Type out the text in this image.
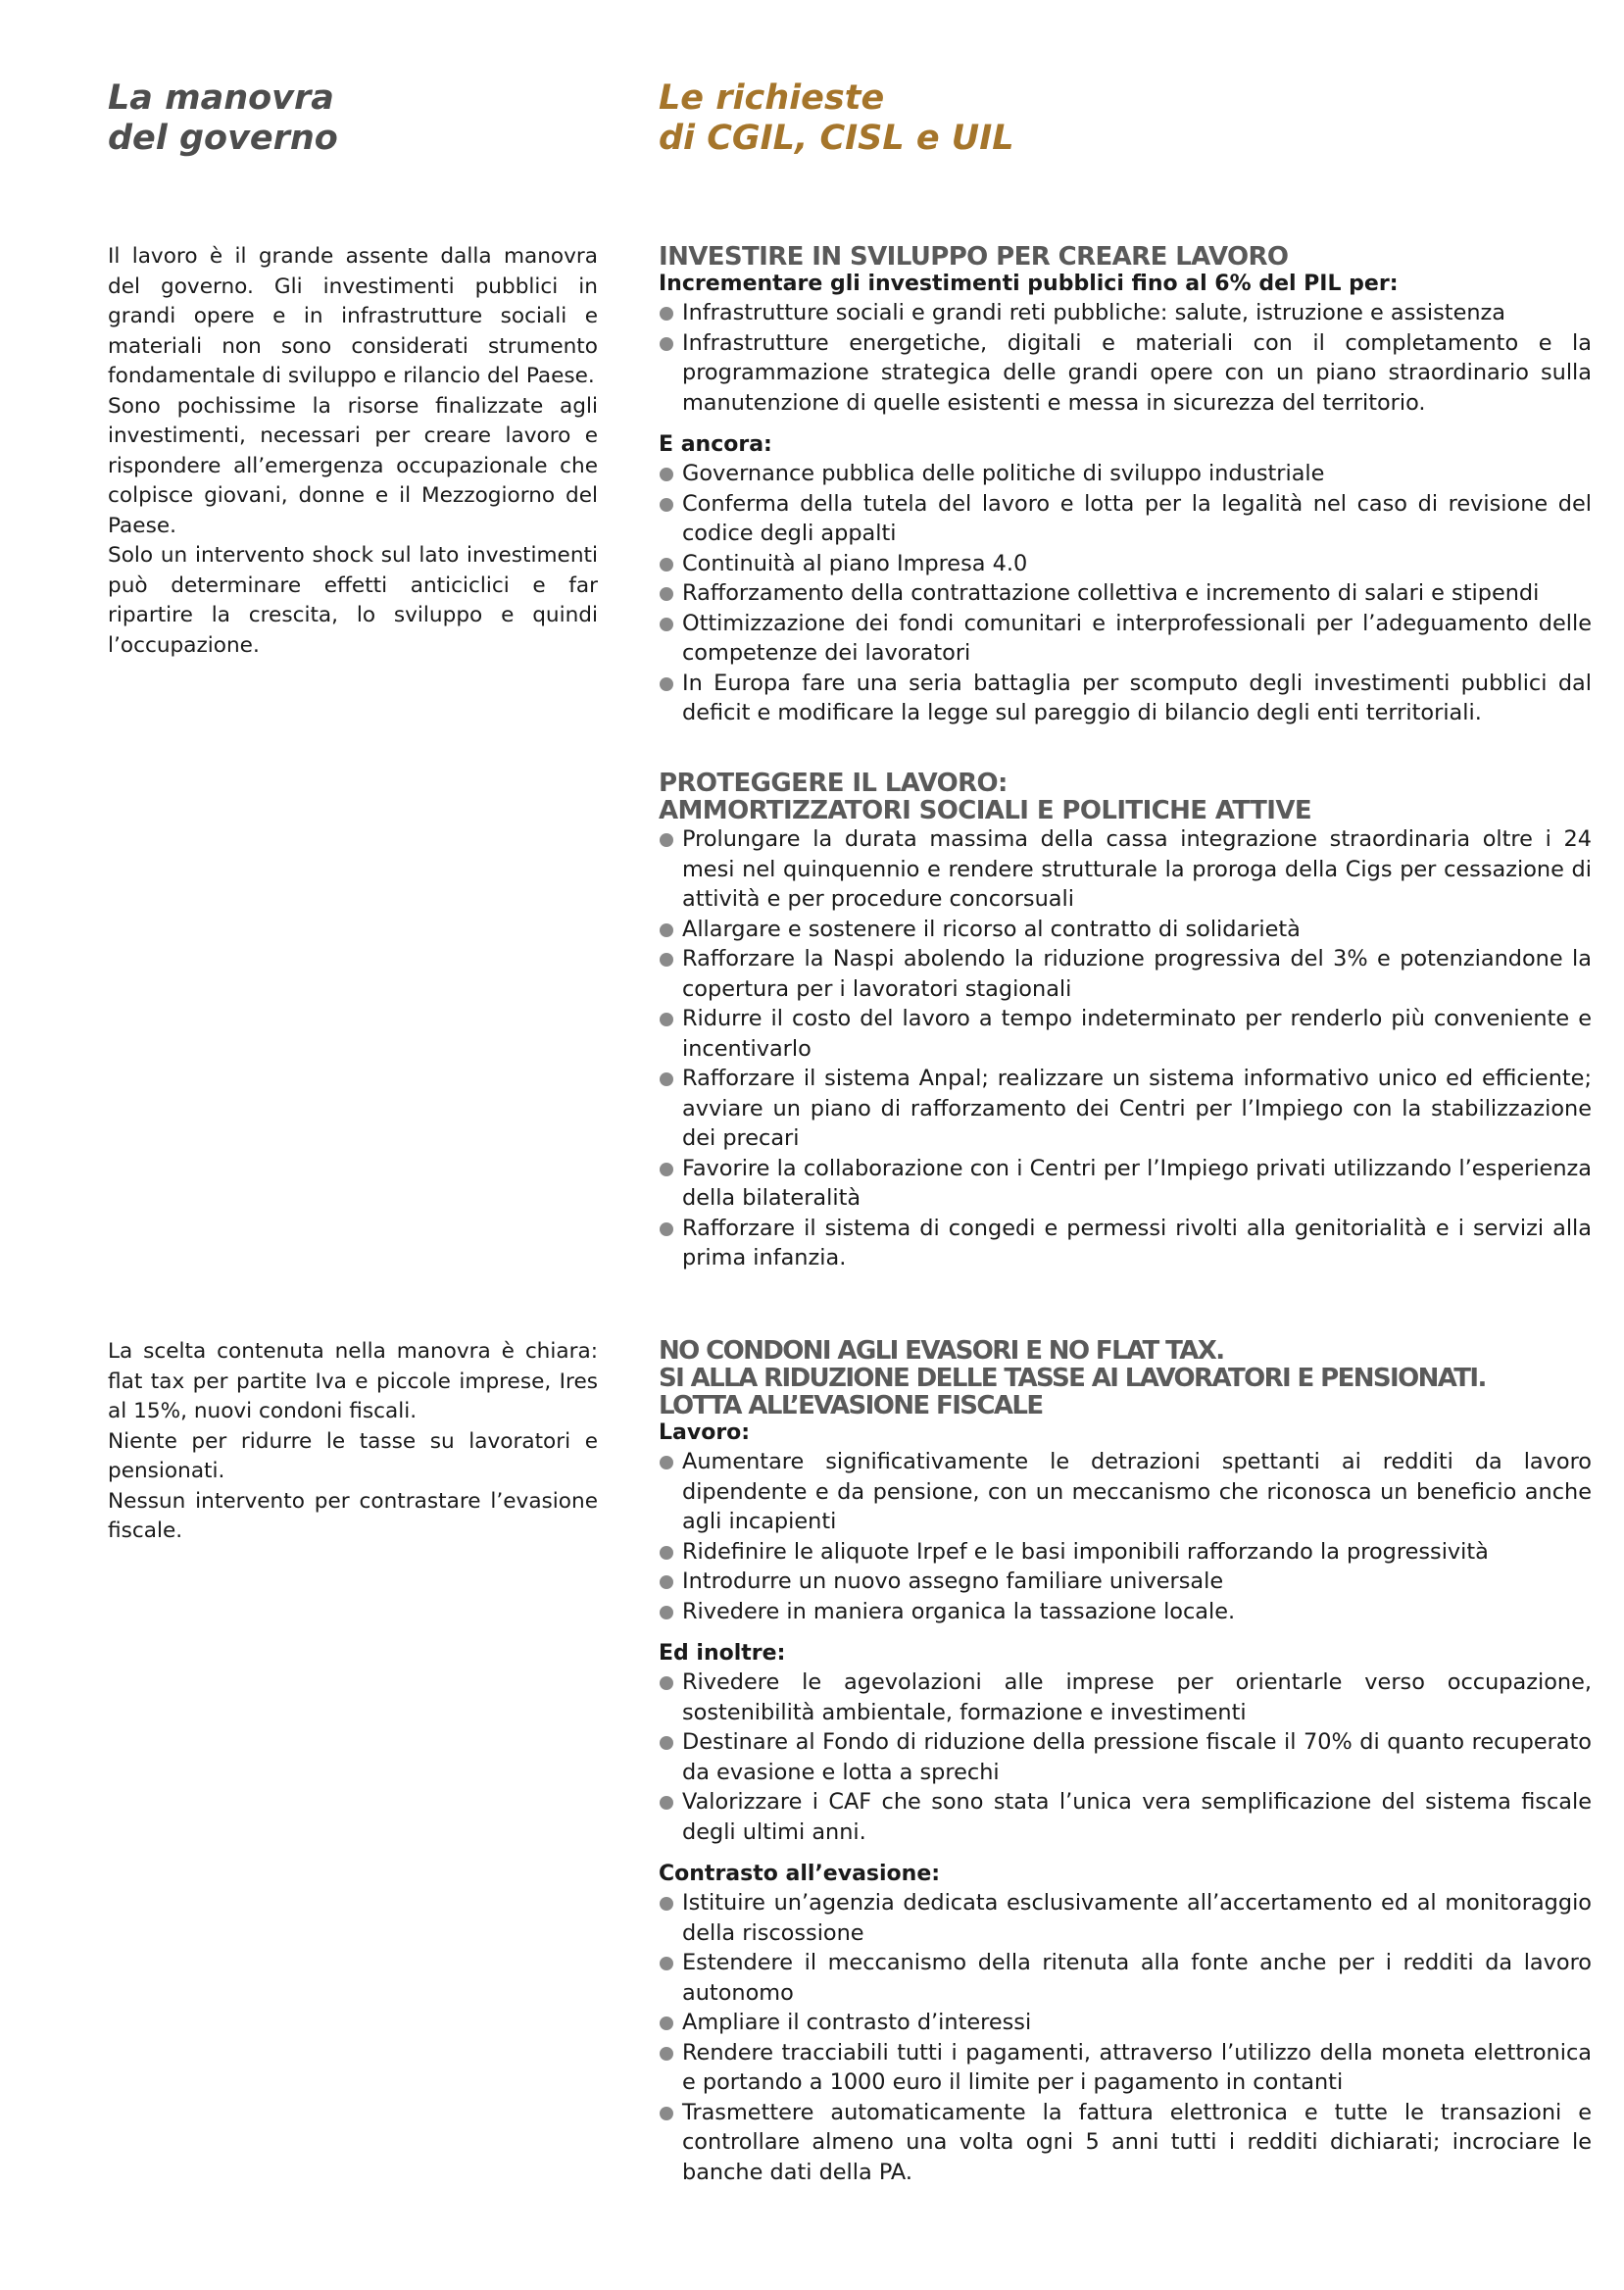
La manovra
del governo

Il lavoro è il grande assente dalla manovra del governo. Gli investimenti pubblici in grandi opere e in infrastrutture sociali e materiali non sono considerati strumento fondamentale di sviluppo e rilancio del Paese.

Sono pochissime la risorse finalizzate agli investimenti, necessari per creare lavoro e rispondere all’emergenza occupazionale che colpisce giovani, donne e il Mezzogiorno del Paese.

Solo un intervento shock sul lato investimenti può determinare effetti anticiclici e far ripartire la crescita, lo sviluppo e quindi l’occupazione.

La scelta contenuta nella manovra è chiara: flat tax per partite Iva e piccole imprese, Ires al 15%, nuovi condoni fiscali.

Niente per ridurre le tasse su lavoratori e pensionati.

Nessun intervento per contrastare l’evasione fiscale.

Le richieste
di CGIL, CISL e UIL
INVESTIRE IN SVILUPPO PER CREARE LAVORO

Incrementare gli investimenti pubblici fino al 6% del PIL per:

Infrastrutture sociali e grandi reti pubbliche: salute, istruzione e assistenza
Infrastrutture energetiche, digitali e materiali con il completamento e la programmazione strategica delle grandi opere con un piano straordinario sulla manutenzione di quelle esistenti e messa in sicurezza del territorio.

E ancora:

Governance pubblica delle politiche di sviluppo industriale
Conferma della tutela del lavoro e lotta per la legalità nel caso di revisione del codice degli appalti
Continuità al piano Impresa 4.0
Rafforzamento della contrattazione collettiva e incremento di salari e stipendi
Ottimizzazione dei fondi comunitari e interprofessionali per l’adeguamento delle competenze dei lavoratori
In Europa fare una seria battaglia per scomputo degli investimenti pubblici dal deficit e modificare la legge sul pareggio di bilancio degli enti territoriali.
PROTEGGERE IL LAVORO:
AMMORTIZZATORI SOCIALI E POLITICHE ATTIVE
Prolungare la durata massima della cassa integrazione straordinaria oltre i 24 mesi nel quinquennio e rendere strutturale la proroga della Cigs per cessazione di attività e per procedure concorsuali
Allargare e sostenere il ricorso al contratto di solidarietà
Rafforzare la Naspi abolendo la riduzione progressiva del 3% e potenziandone la copertura per i lavoratori stagionali
Ridurre il costo del lavoro a tempo indeterminato per renderlo più conveniente e incentivarlo
Rafforzare il sistema Anpal; realizzare un sistema informativo unico ed efficiente; avviare un piano di rafforzamento dei Centri per l’Impiego con la stabilizzazione dei precari
Favorire la collaborazione con i Centri per l’Impiego privati utilizzando l’esperienza della bilateralità
Rafforzare il sistema di congedi e permessi rivolti alla genitorialità e i servizi alla prima infanzia.
NO CONDONI AGLI EVASORI E NO FLAT TAX.
SI ALLA RIDUZIONE DELLE TASSE AI LAVORATORI E PENSIONATI.
LOTTA ALL’EVASIONE FISCALE

Lavoro:

Aumentare significativamente le detrazioni spettanti ai redditi da lavoro dipendente e da pensione, con un meccanismo che riconosca un beneficio anche agli incapienti
Ridefinire le aliquote Irpef e le basi imponibili rafforzando la progressività
Introdurre un nuovo assegno familiare universale
Rivedere in maniera organica la tassazione locale.

Ed inoltre:

Rivedere le agevolazioni alle imprese per orientarle verso occupazione, sostenibilità ambientale, formazione e investimenti
Destinare al Fondo di riduzione della pressione fiscale il 70% di quanto recuperato da evasione e lotta a sprechi
Valorizzare i CAF che sono stata l’unica vera semplificazione del sistema fiscale degli ultimi anni.

Contrasto all’evasione:

Istituire un’agenzia dedicata esclusivamente all’accertamento ed al monitoraggio della riscossione
Estendere il meccanismo della ritenuta alla fonte anche per i redditi da lavoro autonomo
Ampliare il contrasto d’interessi
Rendere tracciabili tutti i pagamenti, attraverso l’utilizzo della moneta elettronica e portando a 1000 euro il limite per i pagamento in contanti
Trasmettere automaticamente la fattura elettronica e tutte le transazioni e controllare almeno una volta ogni 5 anni tutti i redditi dichiarati; incrociare le banche dati della PA.
